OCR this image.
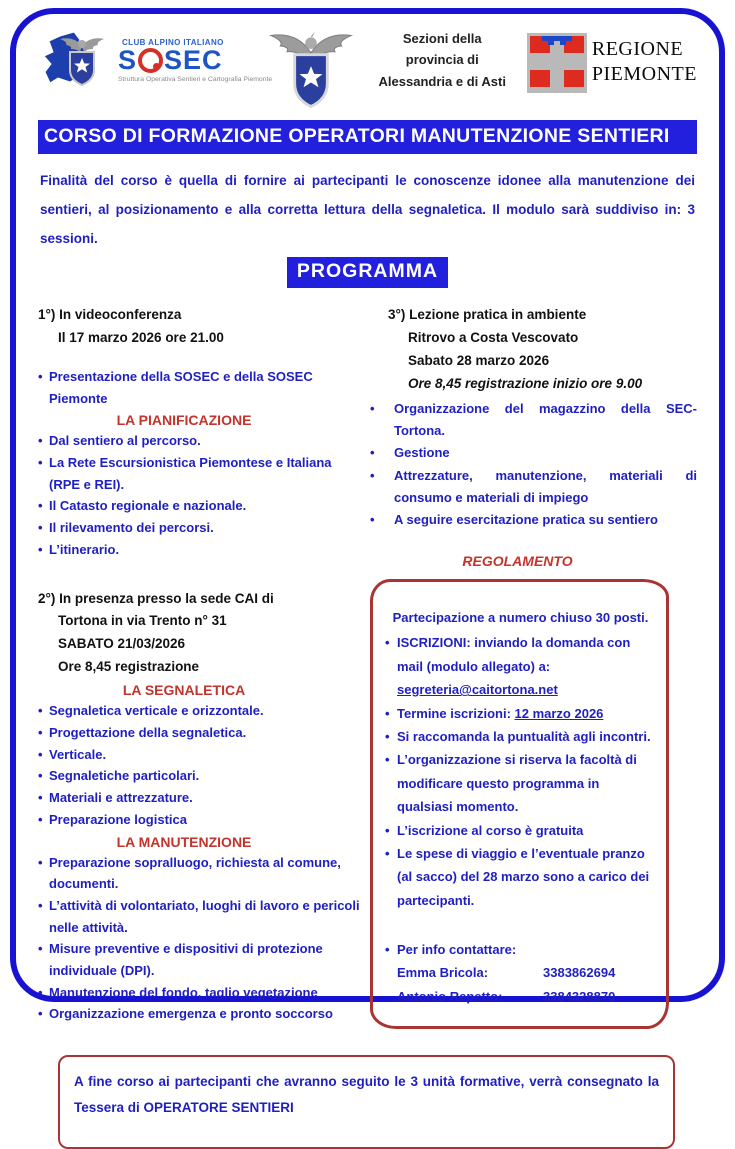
CLUB ALPINO ITALIANO
S SEC
Struttura Operativa Sentieri e Cartografia Piemonte
Sezioni della provincia di Alessandria e di Asti
REGIONE
PIEMONTE
CORSO DI FORMAZIONE OPERATORI MANUTENZIONE SENTIERI

Finalità del corso è quella di fornire ai partecipanti le conoscenze idonee alla manutenzione dei sentieri, al posizionamento e alla corretta lettura della segnaletica. Il modulo sarà suddiviso in: 3 sessioni.

PROGRAMMA
1°) In videoconferenza
Il 17 marzo 2026 ore 21.00
• Presentazione della SOSEC e della SOSEC Piemonte
LA PIANIFICAZIONE
• Dal sentiero al percorso.
• La Rete Escursionistica Piemontese e Italiana (RPE e REI).
• Il Catasto regionale e nazionale.
• Il rilevamento dei percorsi.
• L’itinerario.
2°) In presenza presso la sede CAI di
Tortona in via Trento n° 31
SABATO 21/03/2026
Ore 8,45 registrazione
LA SEGNALETICA
• Segnaletica verticale e orizzontale.
• Progettazione della segnaletica.
• Verticale.
• Segnaletiche particolari.
• Materiali e attrezzature.
• Preparazione logistica
LA MANUTENZIONE
• Preparazione sopralluogo, richiesta al comune, documenti.
• L’attività di volontariato, luoghi di lavoro e pericoli nelle attività.
• Misure preventive e dispositivi di protezione individuale (DPI).
• Manutenzione del fondo, taglio vegetazione
• Organizzazione emergenza e pronto soccorso
3°) Lezione pratica in ambiente
Ritrovo a Costa Vescovato
Sabato 28 marzo 2026
Ore 8,45 registrazione inizio ore 9.00
• Organizzazione del magazzino della SEC-Tortona.
• Gestione
• Attrezzature, manutenzione, materiali di consumo e materiali di impiego
• A seguire esercitazione pratica su sentiero
REGOLAMENTO

Partecipazione a numero chiuso 30 posti.

• ISCRIZIONI: inviando la domanda con mail (modulo allegato) a:
segreteria@caitortona.net
• Termine iscrizioni: 12 marzo 2026
• Si raccomanda la puntualità agli incontri.
• L’organizzazione si riserva la facoltà di modificare questo programma in qualsiasi momento.
• L’iscrizione al corso è gratuita
• Le spese di viaggio e l’eventuale pranzo (al sacco) del 28 marzo sono a carico dei partecipanti.
• Per info contattare:
Emma Bricola:	3383862694
Antonio Repetto:	3384328870
A fine corso ai partecipanti che avranno seguito le 3 unità formative, verrà consegnato la Tessera di OPERATORE SENTIERI
